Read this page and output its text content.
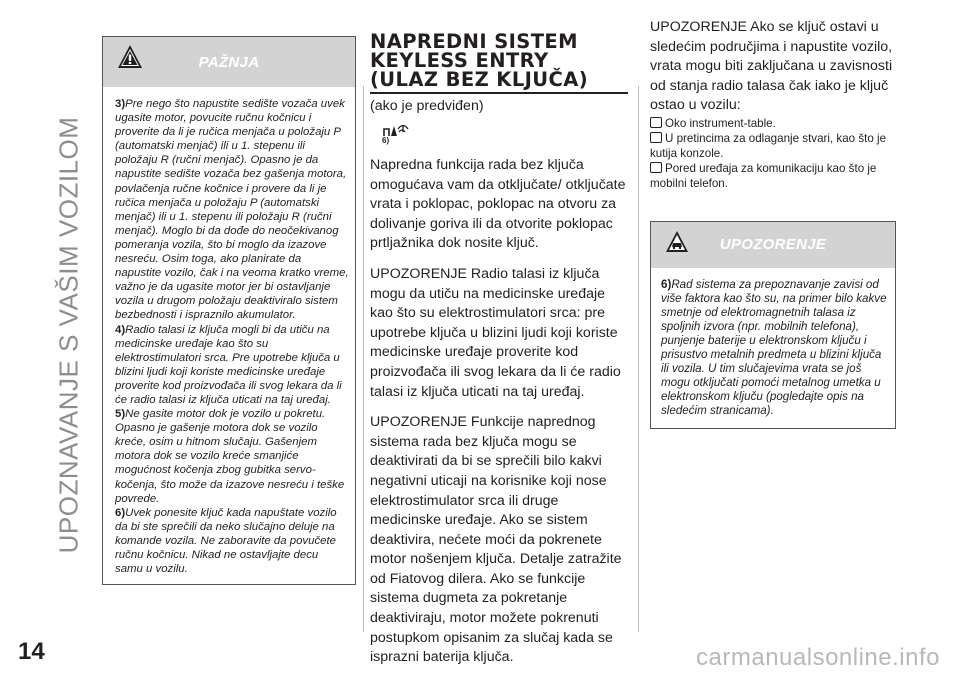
UPOZNAVANJE S VAŠIM VOZILOM
PAŽNJA

3)Pre nego što napustite sedište vozača uvek ugasite motor, povucite ručnu kočnicu i proverite da li je ručica menjača u položaju P (automatski menjač) ili u 1. stepenu ili položaju R (ručni menjač). Opasno je da napustite sedište vozača bez gašenja motora, povlačenja ručne kočnice i provere da li je ručica menjača u položaju P (automatski menjač) ili u 1. stepenu ili položaju R (ručni menjač). Moglo bi da dođe do neočekivanog pomeranja vozila, što bi moglo da izazove nesreću. Osim toga, ako planirate da napustite vozilo, čak i na veoma kratko vreme, važno je da ugasite motor jer bi ostavljanje vozila u drugom položaju deaktiviralo sistem bezbednosti i ispraznilo akumulator.

4)Radio talasi iz ključa mogli bi da utiču na medicinske uređaje kao što su elektrostimulatori srca. Pre upotrebe ključa u blizini ljudi koji koriste medicinske uređaje proverite kod proizvođača ili svog lekara da li će radio talasi iz ključa uticati na taj uređaj.

5)Ne gasite motor dok je vozilo u pokretu. Opasno je gašenje motora dok se vozilo kreće, osim u hitnom slučaju. Gašenjem motora dok se vozilo kreće smanjiće mogućnost kočenja zbog gubitka servo-kočenja, što može da izazove nesreću i teške povrede.

6)Uvek ponesite ključ kada napuštate vozilo da bi ste sprečili da neko slučajno deluje na komande vozila. Ne zaboravite da povučete ručnu kočnicu. Nikad ne ostavljajte decu samu u vozilu.

NAPREDNI SISTEM
KEYLESS ENTRY
(ULAZ BEZ KLJUČA)
(ako je predviđen)
6)

Napredna funkcija rada bez ključa omogućava vam da otključate/ otključate vrata i poklopac, poklopac na otvoru za dolivanje goriva ili da otvorite poklopac prtljažnika dok nosite ključ.

UPOZORENJE Radio talasi iz ključa mogu da utiču na medicinske uređaje kao što su elektrostimulatori srca: pre upotrebe ključa u blizini ljudi koji koriste medicinske uređaje proverite kod proizvođača ili svog lekara da li će radio talasi iz ključa uticati na taj uređaj.

UPOZORENJE Funkcije naprednog sistema rada bez ključa mogu se deaktivirati da bi se sprečili bilo kakvi negativni uticaji na korisnike koji nose elektrostimulator srca ili druge medicinske uređaje. Ako se sistem deaktivira, nećete moći da pokrenete motor nošenjem ključa. Detalje zatražite od Fiatovog dilera. Ako se funkcije sistema dugmeta za pokretanje deaktiviraju, motor možete pokrenuti postupkom opisanim za slučaj kada se isprazni baterija ključa.

UPOZORENJE Ako se ključ ostavi u sledećim područjima i napustite vozilo, vrata mogu biti zaključana u zavisnosti od stanja radio talasa čak iako je ključ ostao u vozilu:

Oko instrument-table.

U pretincima za odlaganje stvari, kao što je kutija konzole.

Pored uređaja za komunikaciju kao što je mobilni telefon.

UPOZORENJE

6)Rad sistema za prepoznavanje zavisi od više faktora kao što su, na primer bilo kakve smetnje od elektromagnetnih talasa iz spoljnih izvora (npr. mobilnih telefona), punjenje baterije u elektronskom ključu i prisustvo metalnih predmeta u blizini ključa ili vozila. U tim slučajevima vrata se još mogu otključati pomoći metalnog umetka u elektronskom ključu (pogledajte opis na sledećim stranicama).

14	carmanualsonline.info
